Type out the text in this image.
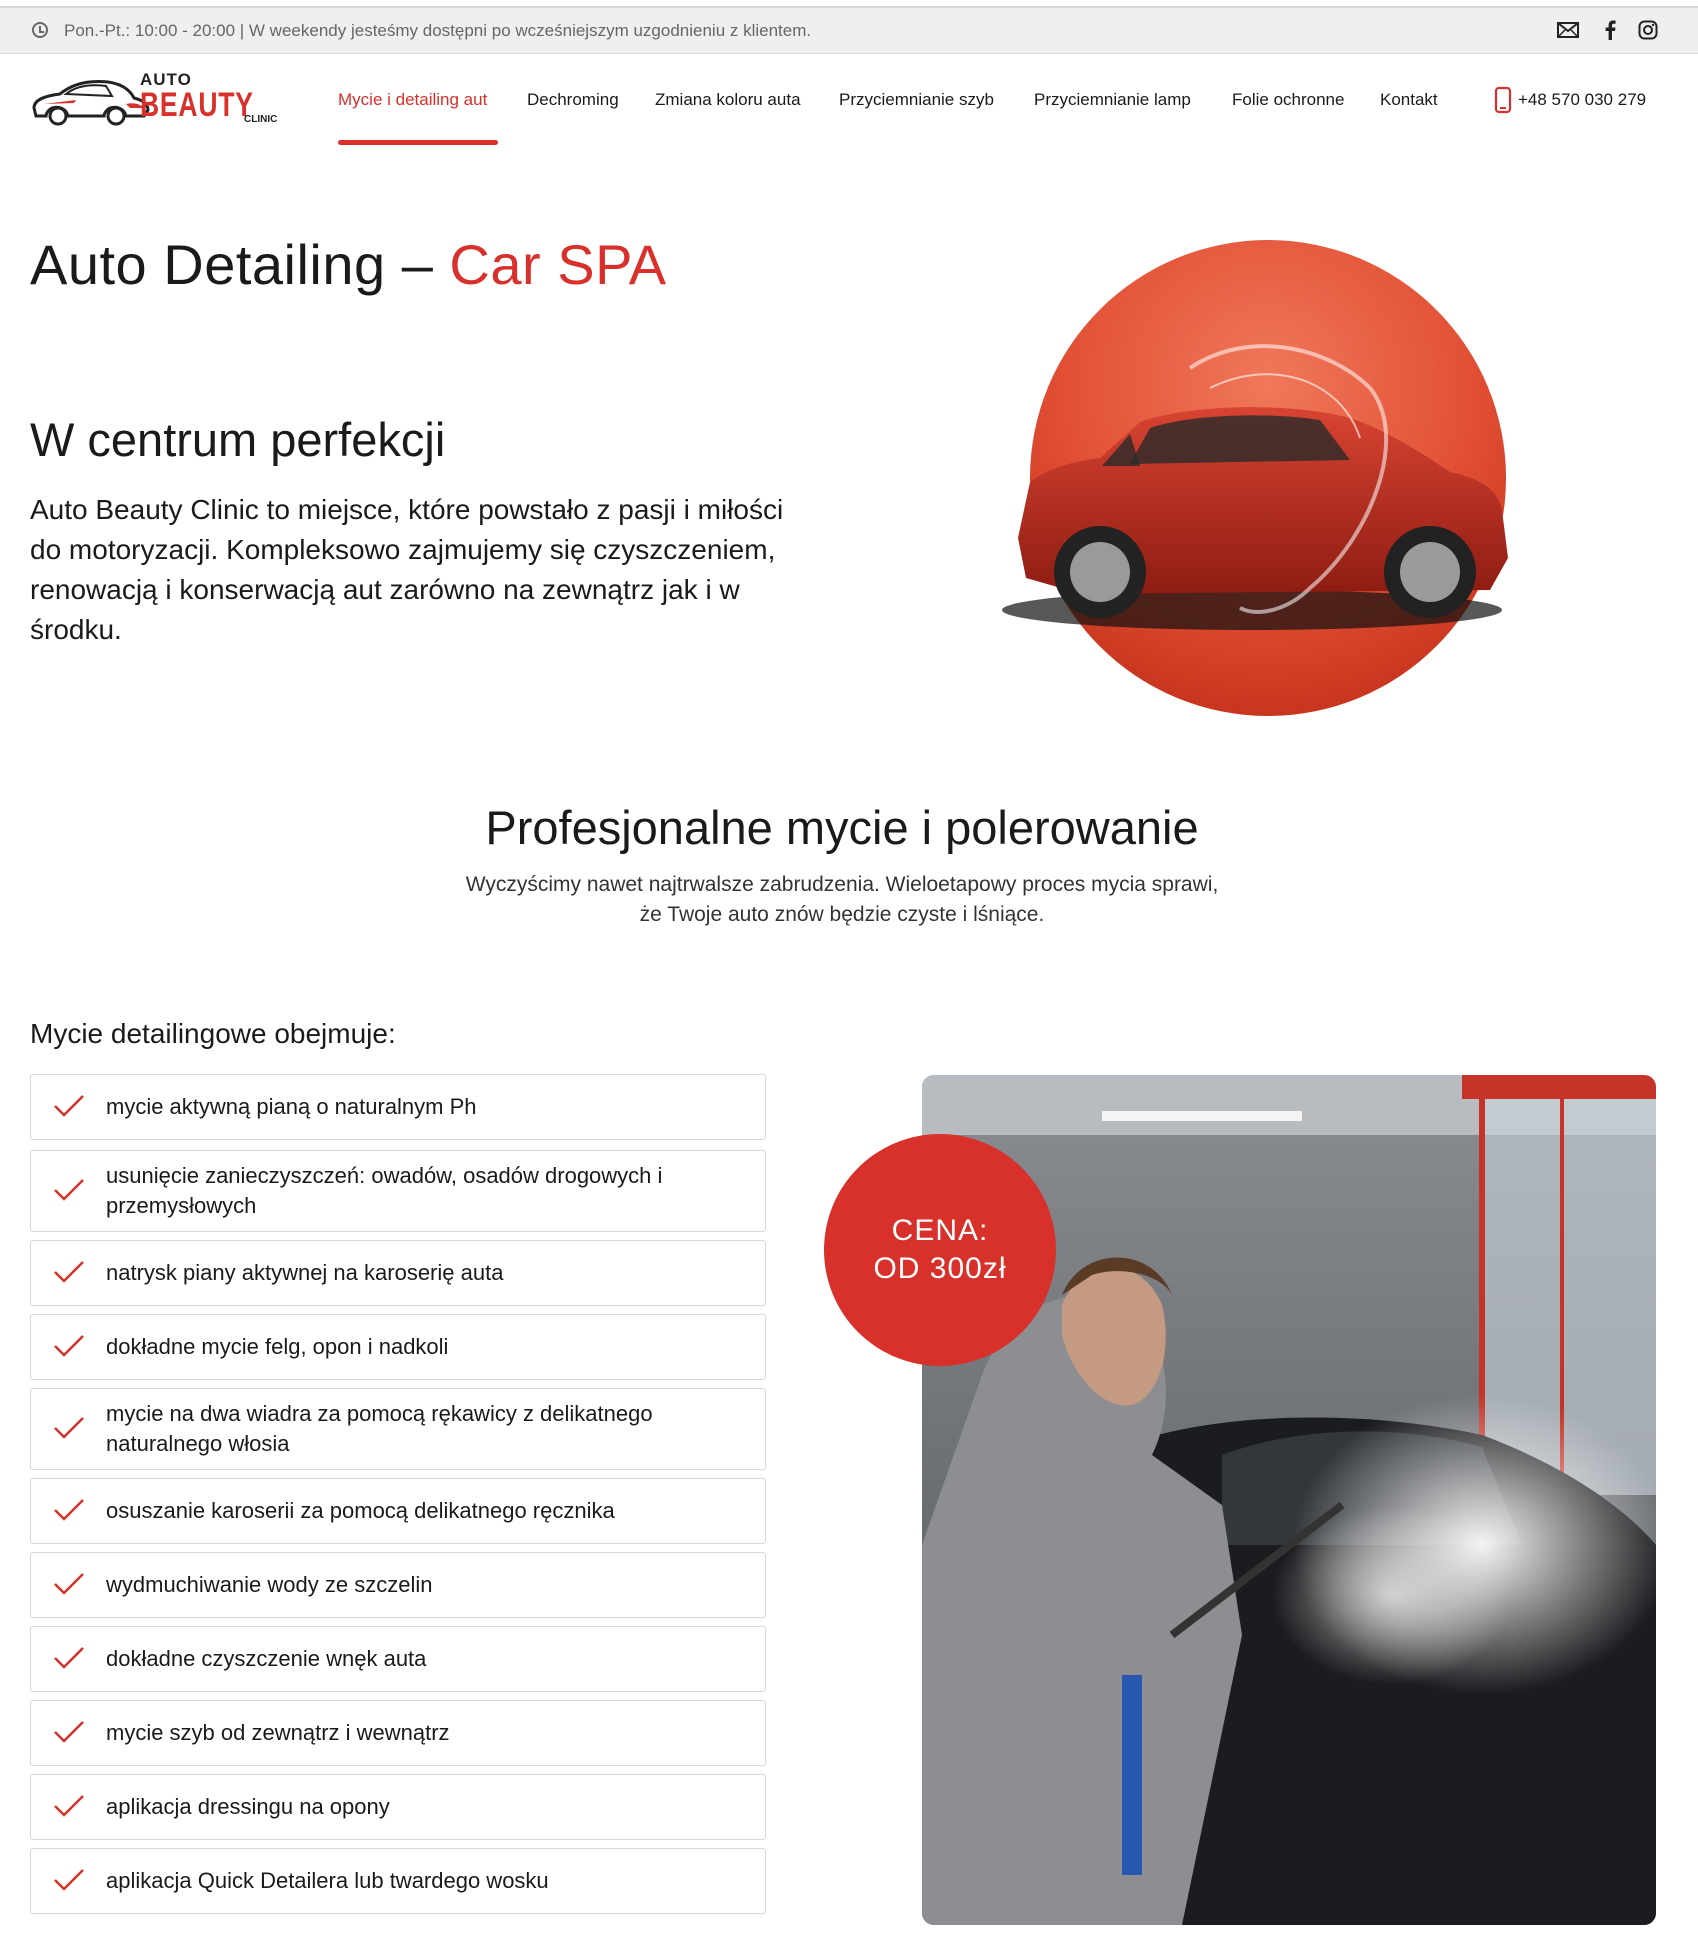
Pon.-Pt.: 10:00 - 20:00 | W weekendy jesteśmy dostępni po wcześniejszym uzgodnieniu z klientem.
AUTO
BEAUTY
CLINIC
Mycie i detailing aut Dechroming Zmiana koloru auta Przyciemnianie szyb Przyciemnianie lamp Folie ochronne Kontakt	+48 570 030 279
Auto Detailing – Car SPA
W centrum perfekcji

Auto Beauty Clinic to miejsce, które powstało z pasji i miłości do motoryzacji. Kompleksowo zajmujemy się czyszczeniem, renowacją i konserwacją aut zarówno na zewnątrz jak i w środku.

Profesjonalne mycie i polerowanie

Wyczyścimy nawet najtrwalsze zabrudzenia. Wieloetapowy proces mycia sprawi,
że Twoje auto znów będzie czyste i lśniące.

Mycie detailingowe obejmuje:
mycie aktywną pianą o naturalnym Ph
usunięcie zanieczyszczeń: owadów, osadów drogowych i przemysłowych
natrysk piany aktywnej na karoserię auta
dokładne mycie felg, opon i nadkoli
mycie na dwa wiadra za pomocą rękawicy z delikatnego naturalnego włosia
osuszanie karoserii za pomocą delikatnego ręcznika
wydmuchiwanie wody ze szczelin
dokładne czyszczenie wnęk auta
mycie szyb od zewnątrz i wewnątrz
aplikacja dressingu na opony
aplikacja Quick Detailera lub twardego wosku
CENA:
OD 300zł
